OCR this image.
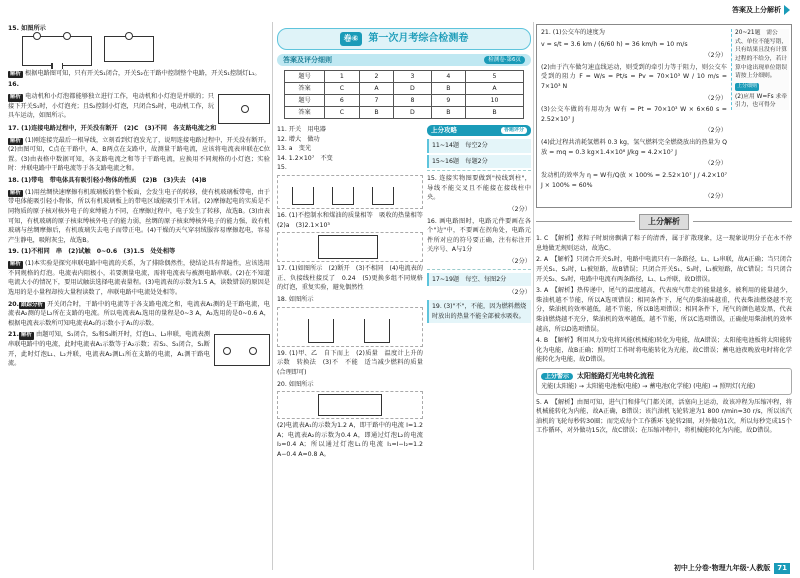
答案及上分解析
15. 如图所示
解析 根据电路图可知，只有开关S₁闭合，开关S₂在干路中控制整个电路，开关S₁控制灯L₁。
16.
解析 电动机和小灯泡都能够独立进行工作，电动机和小灯泡是并联的；只接下开关S₁时，小灯泡亮；且S₂控制小灯泡，只闭合S₂时，电动机工作，玩具车运动，如图所示。
17. (1)连接电路过程中，开关没有断开　(2)C　(3)不同　各支路电流之和
解析 (1)刚连接完最后一根导线，立刻看到灯泡发光了，说明连接电路过程中，开关没有断开。(2)由图可知，C点在干路中，A、B两点在支路中，故测量干路电流，应该将电流表串联在C位置。(3)由表格中数据可知，各支路电流之和等于干路电流，应换用不同规格的小灯泡；实验时：并联电路中干路电流等于各支路电流之和。
18. (1)带电　带电体具有吸引轻小物体的性质　(2)B　(3)失去　(4)B
解析 (1)用丝绸快速摩擦有机玻璃板的整个板面，会发生电子的转移，使有机玻璃板带电，由于带电体能吸引轻小物体，所以有机玻璃板上的带电区域能吸引干木屑。(2)摩擦起电的实质是不同物质的原子核对核外电子的束缚能力不同，在摩擦过程中，电子发生了转移，故选B。(3)由表可知，有机玻璃的原子核束缚核外电子的能力弱，丝绸的原子核束缚核外电子的能力强，故有机玻璃与丝绸摩擦后，有机玻璃失去电子而带正电。(4)干燥的天气穿羽绒服容易摩擦起电，容易产生静电，吸附灰尘，故选B。
19. (1)不相同　串　(2)试触　0~0.6　(3)1.5　处处相等
解析 (1)本实验是探究串联电路中电流的关系，为了排除偶然性，使结论具有普遍性，应该选用不同规格的灯泡。电流表内阻极小，若要测量电流，需将电流表与被测电路串联。(2)在不知道电流大小的情况下，要用试触法选择电流表量程。(3)电流表的示数为1.5 A，读数错误的原因是选用的是小量程却按大量程读数了，串联电路中电流处处相等。
20. 跟踪分析 开关闭合时，干路中的电流等于各支路电流之和，电流表A₁测的是干路电流，电流表A₂测的是L₂所在支路的电流。所以电流表A₁选用的量程是0~3 A，A₂选用的是0~0.6 A，根据电流表示数所可知电流表A₂的示数小于A₁的示数。
21. 解析 由题可知，S₁闭合，S₂和S₃断开时，灯泡L₁、L₂串联，电流表测串联电路中的电流，此时电流表A₁示数等于A₂示数；若S₂、S₃闭合，S₁断开，此时灯泡L₁、L₂并联，电流表A₂测L₁所在支路的电流，A₁测干路电流。
卷⑥	第一次月考综合检测卷
答案及评分细则	检测卷·第6页
题号	1	2	3	4	5
答案	C	A	D	B	A
题号	6	7	8	9	10
答案	C	B	D	B	B
11. 开关　用电器
12. 增大　做功
13. a　变光
14. 1.2×10⁷　不变
15.
16. (1)不控制水和煤油的质量相等　吸收的热量相等　(2)a　(3)2.1×10³
17. (1)如图所示　(2)断开　(3)不相同　(4)电流表的正、负接线柱接反了　0.24　(5)更换多组不同规格的灯泡，重复实验，避免偶然性
18. 如图所示
19. (1)甲、乙　自下而上　(2)质量　温度计上升的示数　转换法　(3)不　不能　适当减少燃料的质量(合理即可)
20. 如图所示
(2)电流表A₁的示数为1.2 A，即干路中的电流 I=1.2 A；电流表A₂的示数为0.4 A，即通过灯泡L₂的电流 I₂=0.4 A；所以通过灯泡L₁的电流 I₁=I−I₂=1.2 A−0.4 A=0.8 A。
上分攻略	答题评分
11~14题　每空2分
15~16题　每题2分
15. 连接实物图要做到"按线到柱"，导线不能交叉且不能接在接线柱中央。
（2分）
16. 画电路图时，电路元件要画在各个"边"中，不要画在拐角处，电路元件所对应的符号要正确，注有标注开关序号、A与1分
（2分）
17~19题　每空、每图2分
（2分）
19. (3)"不"，不能，因为燃料燃烧时放出的热量不能全部被水吸收。
21. (1)公交车的速度为
v = s/t = 3.6 km / (6/60 h) = 36 km/h = 10 m/s
（2分）
(2)由于汽车做匀速直线运动，则受到的牵引力等于阻力，则公交车受到的阻力 F = W/s = Pt/s = Pv = 70×10³ W / 10 m/s = 7×10³ N
（2分）
(3)公交车做的有用功为 W有 = Pt = 70×10³ W × 6×60 s = 2.52×10⁷ J
（2分）
(4)此过程共消耗氢燃料 0.3 kg，氢气燃料完全燃烧放出的热量为 Q放 = mq = 0.3 kg×1.4×10⁸ J/kg = 4.2×10⁷ J
（2分）
发动机的效率为 η = W有/Q放 × 100% = 2.52×10⁷ J / 4.2×10⁷ J × 100% = 60%
（2分）
20~21题　需公式、单位不能写错，只有结果且没有计算过程的不给分，若计算中途出现单位错误请按上分细则。
上分细则
(2)应用 W=Fs 求牵引力，也可得分
上分解析
1. C　【解析】煮粽子时厨房飘满了粽子的清香，属于扩散现象，这一现象说明分子在永不停息地做无规则运动，故选C。
2. A　【解析】只闭合开关S₁时，电路中电流只有一条路径，L₁、L₂串联，故A正确；当只闭合开关S₁、S₂时，L₁被短路，故B错误；只闭合开关S₁、S₃时，L₁被短路，故C错误；当只闭合开关S₂、S₃时，电路中电流有两条路径，L₁、L₂并联，故D错误。
3. A　【解析】热传递中，尾气的温度越高，代表废气带走的能量越多，被利用的能量越少，柴油机越不节能，所以A选项错误；相同条件下，尾气的柴油味越重，代表柴油燃烧越不充分，柴油机的效率越低，越不节能，所以B选项错误；相同条件下，尾气的颜色越发黑，代表柴油燃烧越不充分，柴油机的效率越低，越不节能，所以C选项错误，正确使用柴油机的效率越高，所以D选项错误。
4. B　【解析】利用风力发电将风能(机械能)转化为电能，故A错误；太阳能电池板将太阳能转化为电能，故B正确；照明灯工作时将电能转化为光能，故C错误；蓄电池夜晚放电时将化学能转化为电能，故D错误。
上分警示 太阳能路灯光电转化流程
光能(太阳能) → 太阳能电池板(电能) → 蓄电池(化学能) (电能) → 照明灯(光能)
5. A　【解析】由图可知，进气门和排气门都关闭，活塞向上运动，故该冲程为压缩冲程，将机械能转化为内能，故A正确，B错误；该汽油机飞轮转速为1 800 r/min=30 r/s，所以该汽油机的飞轮每秒转30圈；而完成每个工作循环飞轮转2圈，对外做功1次，所以每秒完成15个工作循环，对外做功15次，故C错误；在压缩冲程中，将机械能转化为内能，故D错误。
初中上分卷·物理九年级·人教版	71
